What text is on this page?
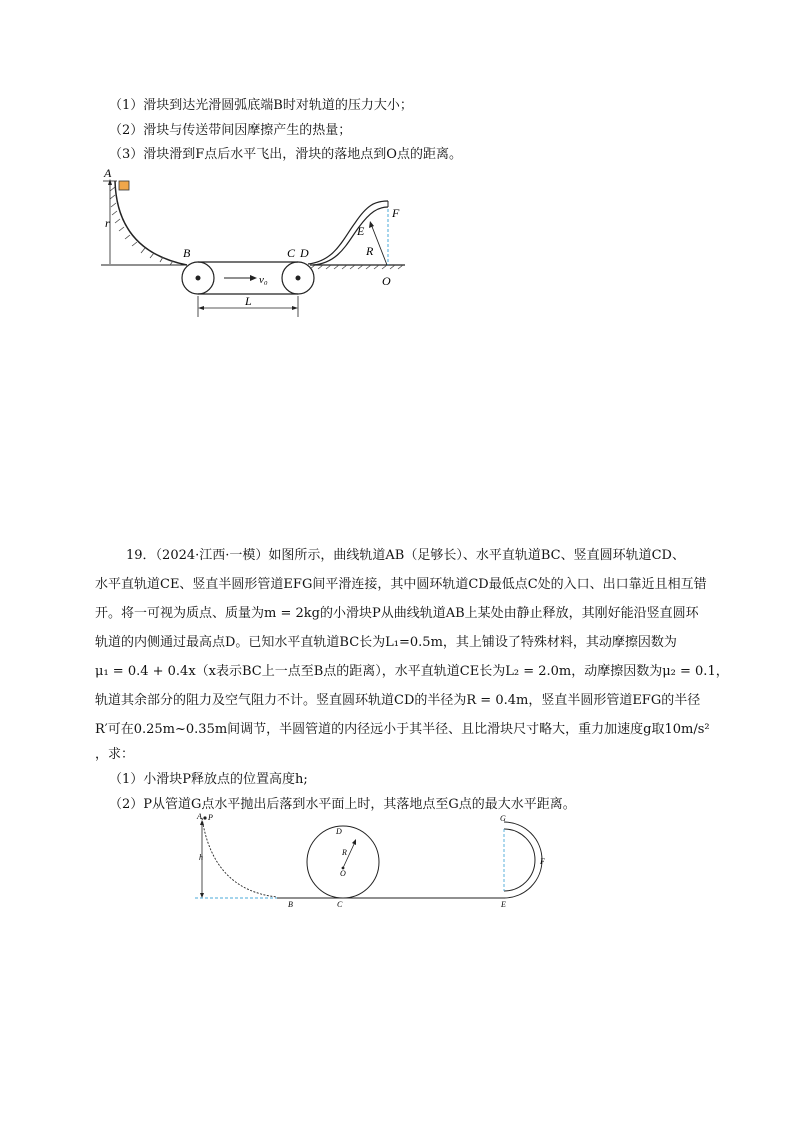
（1）滑块到达光滑圆弧底端B时对轨道的压力大小；
（2）滑块与传送带间因摩擦产生的热量；
（3）滑块滑到F点后水平飞出，滑块的落地点到O点的距离。
A
r
B
v₀
L
C D
E
F
R
O
19．（2024·江西·一模）如图所示，曲线轨道AB（足够长）、水平直轨道BC、竖直圆环轨道CD、
水平直轨道CE、竖直半圆形管道EFG间平滑连接，其中圆环轨道CD最低点C处的入口、出口靠近且相互错
开。将一可视为质点、质量为m = 2kg的小滑块P从曲线轨道AB上某处由静止释放，其刚好能沿竖直圆环
轨道的内侧通过最高点D。已知水平直轨道BC长为L₁=0.5m，其上铺设了特殊材料，其动摩擦因数为
μ₁ = 0.4 + 0.4x（x表示BC上一点至B点的距离），水平直轨道CE长为L₂ = 2.0m，动摩擦因数为μ₂ = 0.1，
轨道其余部分的阻力及空气阻力不计。竖直圆环轨道CD的半径为R = 0.4m，竖直半圆形管道EFG的半径
R′可在0.25m~0.35m间调节，半圆管道的内径远小于其半径、且比滑块尺寸略大，重力加速度g取10m/s²
，求：
（1）小滑块P释放点的位置高度h;
（2）P从管道G点水平抛出后落到水平面上时，其落地点至G点的最大水平距离。
A P
h
B	C
D
R
O
G
F
E
